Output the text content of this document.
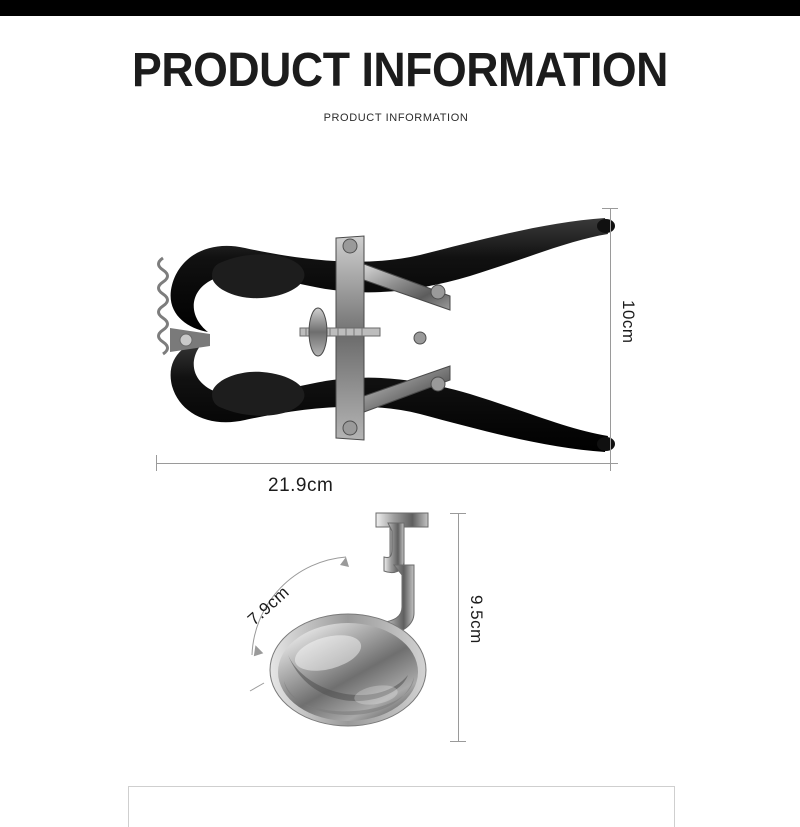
PRODUCT INFORMATION
PRODUCT INFORMATION
10cm
21.9cm
9.5cm
7.9cm
